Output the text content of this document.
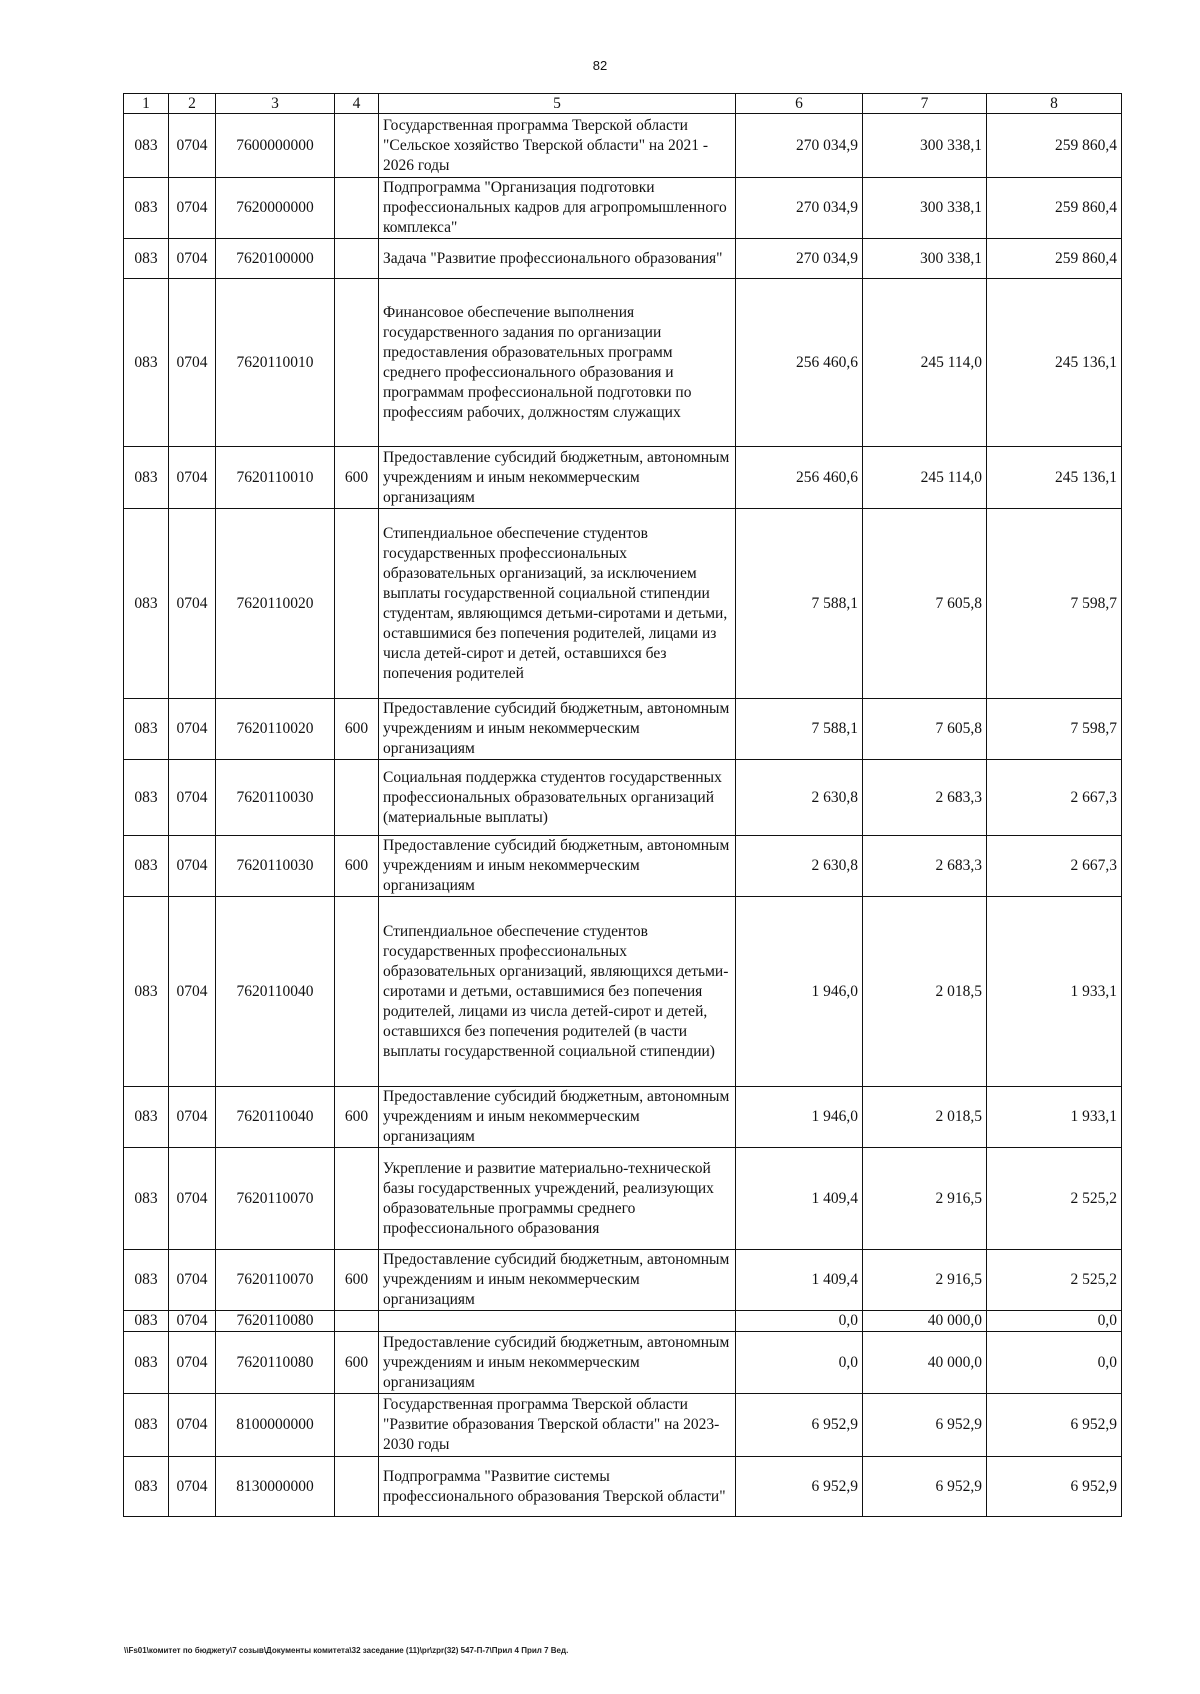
82
1	2	3	4	5	6	7	8
083	0704	7600000000		Государственная программа Тверской области "Сельское хозяйство Тверской области" на 2021 - 2026 годы	270 034,9	300 338,1	259 860,4
083	0704	7620000000		Подпрограмма "Организация подготовки профессиональных кадров для агропромышленного комплекса"	270 034,9	300 338,1	259 860,4
083	0704	7620100000		Задача "Развитие профессионального образования"	270 034,9	300 338,1	259 860,4
083	0704	7620110010		Финансовое обеспечение выполнения государственного задания по организации предоставления образовательных программ среднего профессионального образования и программам профессиональной подготовки по профессиям рабочих, должностям служащих	256 460,6	245 114,0	245 136,1
083	0704	7620110010	600	Предоставление субсидий бюджетным, автономным учреждениям и иным некоммерческим организациям	256 460,6	245 114,0	245 136,1
083	0704	7620110020		Стипендиальное обеспечение студентов государственных профессиональных образовательных организаций, за исключением выплаты государственной социальной стипендии студентам, являющимся детьми-сиротами и детьми, оставшимися без попечения родителей, лицами из числа детей-сирот и детей, оставшихся без попечения родителей	7 588,1	7 605,8	7 598,7
083	0704	7620110020	600	Предоставление субсидий бюджетным, автономным учреждениям и иным некоммерческим организациям	7 588,1	7 605,8	7 598,7
083	0704	7620110030		Социальная поддержка студентов государственных профессиональных образовательных организаций (материальные выплаты)	2 630,8	2 683,3	2 667,3
083	0704	7620110030	600	Предоставление субсидий бюджетным, автономным учреждениям и иным некоммерческим организациям	2 630,8	2 683,3	2 667,3
083	0704	7620110040		Стипендиальное обеспечение студентов государственных профессиональных образовательных организаций, являющихся детьми-сиротами и детьми, оставшимися без попечения родителей, лицами из числа детей-сирот и детей, оставшихся без попечения родителей (в части выплаты государственной социальной стипендии)	1 946,0	2 018,5	1 933,1
083	0704	7620110040	600	Предоставление субсидий бюджетным, автономным учреждениям и иным некоммерческим организациям	1 946,0	2 018,5	1 933,1
083	0704	7620110070		Укрепление и развитие материально-технической базы государственных учреждений, реализующих образовательные программы среднего профессионального образования	1 409,4	2 916,5	2 525,2
083	0704	7620110070	600	Предоставление субсидий бюджетным, автономным учреждениям и иным некоммерческим организациям	1 409,4	2 916,5	2 525,2
083	0704	7620110080			0,0	40 000,0	0,0
083	0704	7620110080	600	Предоставление субсидий бюджетным, автономным учреждениям и иным некоммерческим организациям	0,0	40 000,0	0,0
083	0704	8100000000		Государственная программа Тверской области "Развитие образования Тверской области" на 2023-2030 годы	6 952,9	6 952,9	6 952,9
083	0704	8130000000		Подпрограмма "Развитие системы профессионального образования Тверской области"	6 952,9	6 952,9	6 952,9
\\Fs01\комитет по бюджету\7 созыв\Документы комитета\32 заседание (11)\pr\zpr(32) 547-П-7\Прил 4 Прил 7 Вед.
